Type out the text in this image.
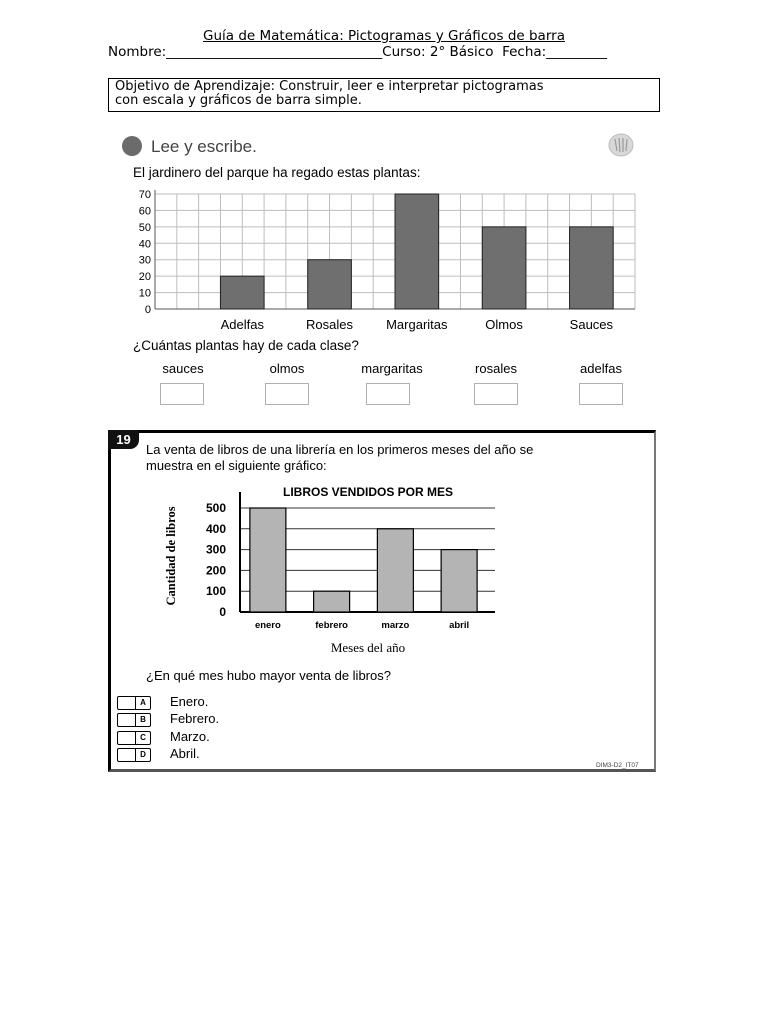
Guía de Matemática: Pictogramas y Gráficos de barra
Nombre:________________________________Curso: 2° Básico  Fecha:_________
Objetivo de Aprendizaje: Construir, leer e interpretar pictogramas
con escala y gráficos de barra simple.
Lee y escribe.
El jardinero del parque ha regado estas plantas:
0
10
20
30
40
50
60
70
Adelfas	Rosales	Margaritas	Olmos	Sauces
¿Cuántas plantas hay de cada clase?
sauces	olmos	margaritas	rosales	adelfas
19
La venta de libros de una librería en los primeros meses del año se
muestra en el siguiente gráfico:
LIBROS VENDIDOS POR MES
Cantidad de libros
0
100
200
300
400
500
enero	febrero	marzo	abril
Meses del año
¿En qué mes hubo mayor venta de libros?
A	Enero.
B	Febrero.
C	Marzo.
D	Abril.
DIM3-D2_IT07
